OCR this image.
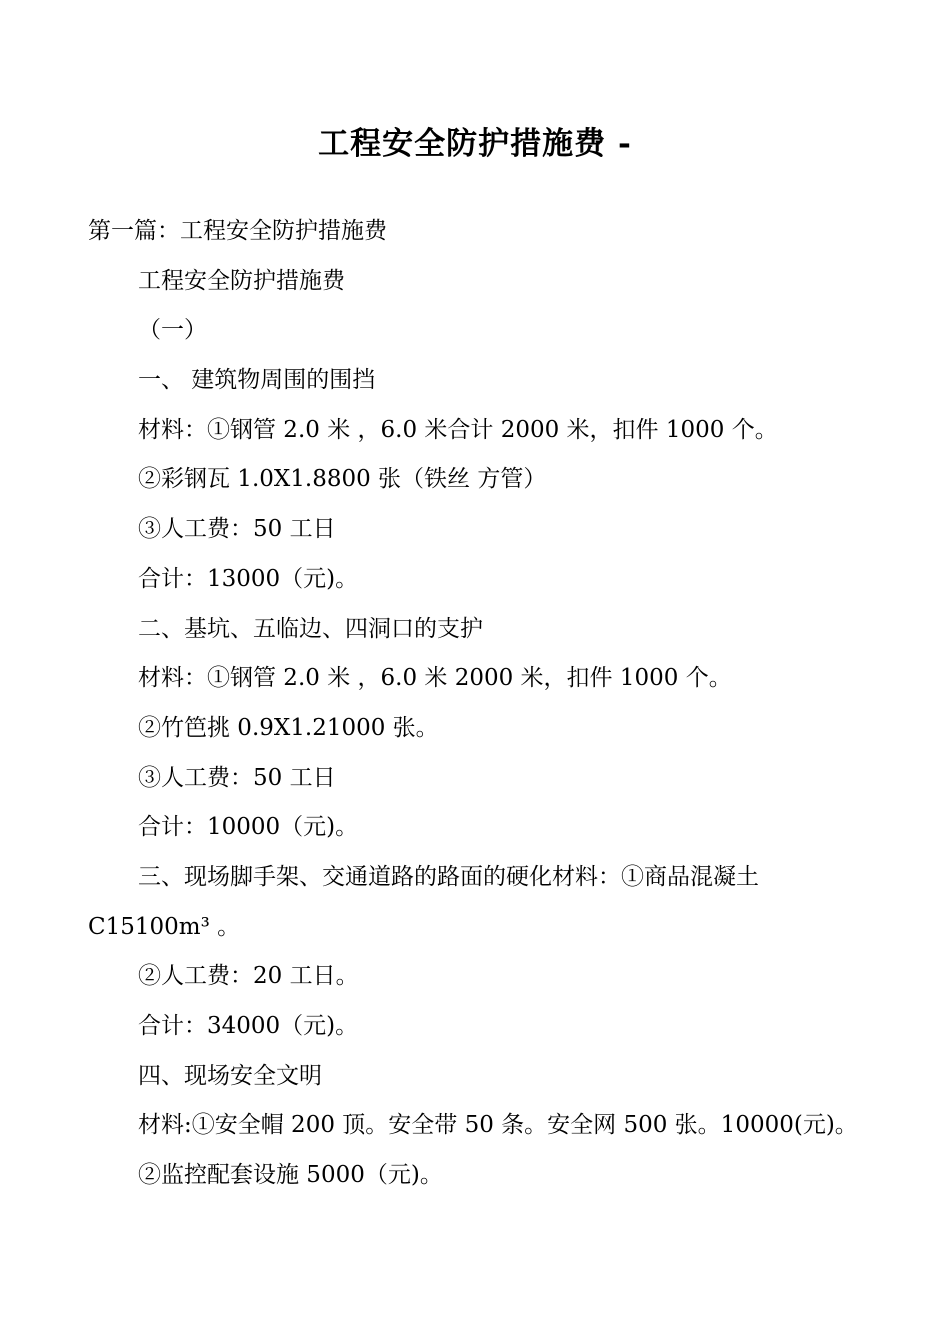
工程安全防护措施费 -
第一篇：工程安全防护措施费
工程安全防护措施费
（一）
一、 建筑物周围的围挡
材料：①钢管 2.0 米 ，6.0 米合计 2000 米，扣件 1000 个。
②彩钢瓦 1.0X1.8800 张（铁丝 方管）
③人工费：50 工日
合计：13000（元)。
二、基坑、五临边、四洞口的支护
材料：①钢管 2.0 米 ，6.0 米 2000 米，扣件 1000 个。
②竹笆挑 0.9X1.21000 张。
③人工费：50 工日
合计：10000（元)。
三、现场脚手架、交通道路的路面的硬化材料：①商品混凝土
C15100m³ 。
②人工费：20 工日。
合计：34000（元)。
四、现场安全文明
材料:①安全帽 200 顶。安全带 50 条。安全网 500 张。10000(元)。
②监控配套设施 5000（元)。
